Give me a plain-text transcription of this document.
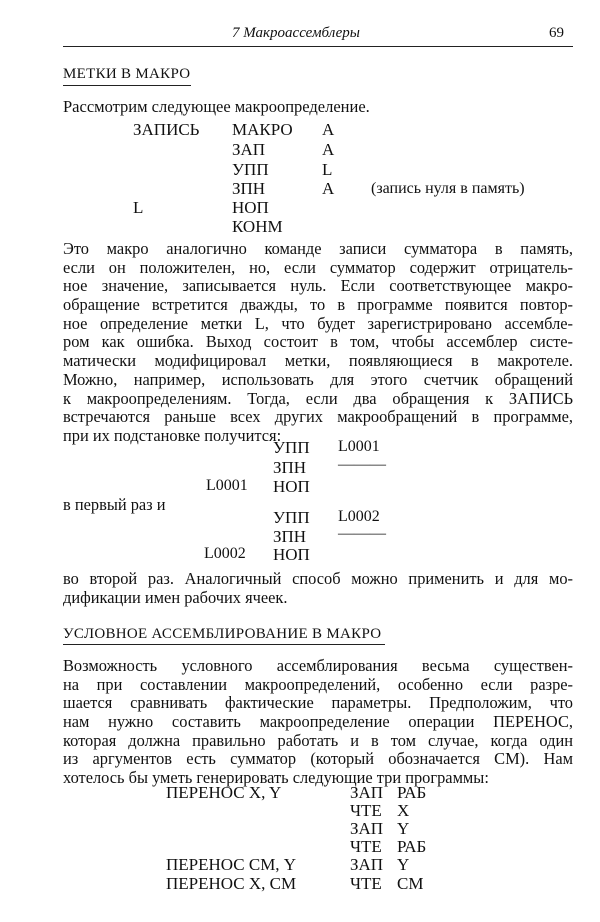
7 Макроассемблеры	69
МЕТКИ В МАКРО
Рассмотрим следующее макроопределение.
ЗАПИСЬ МАКРО А
ЗАП	А
УПП	L
ЗПН	А (запись нуля в память)
L	НОП
КОНМ
Это макро аналогично команде записи сумматора в память,
если он положителен, но, если сумматор содержит отрицатель-
ное значение, записывается нуль. Если соответствующее макро-
обращение встретится дважды, то в программе появится повтор-
ное определение метки L, что будет зарегистрировано ассембле-
ром как ошибка. Выход состоит в том, чтобы ассемблер систе-
матически модифицировал метки, появляющиеся в макротеле.
Можно, например, использовать для этого счетчик обращений
к макроопределениям. Тогда, если два обращения к ЗАПИСЬ
встречаются раньше всех других макрообращений в программе,
при их подстановке получится:
УПП L0001
ЗПН ———
L0001 НОП
в первый раз и
УПП L0002
ЗПН ———
L0002 НОП
во второй раз. Аналогичный способ можно применить и для мо-
дификации имен рабочих ячеек.
УСЛОВНОЕ АССЕМБЛИРОВАНИЕ В МАКРО
Возможность условного ассемблирования весьма существен-
на при составлении макроопределений, особенно если разре-
шается сравнивать фактические параметры. Предположим, что
нам нужно составить макроопределение операции ПЕРЕНОС,
которая должна правильно работать и в том случае, когда один
из аргументов есть сумматор (который обозначается СМ). Нам
хотелось бы уметь генерировать следующие три программы:
ПЕРЕНОС X, Y	ЗАП РАБ
ЧТЕ X
ЗАП Y
ЧТЕ РАБ
ПЕРЕНОС СМ, Y	ЗАП Y
ПЕРЕНОС X, СМ	ЧТЕ СМ
